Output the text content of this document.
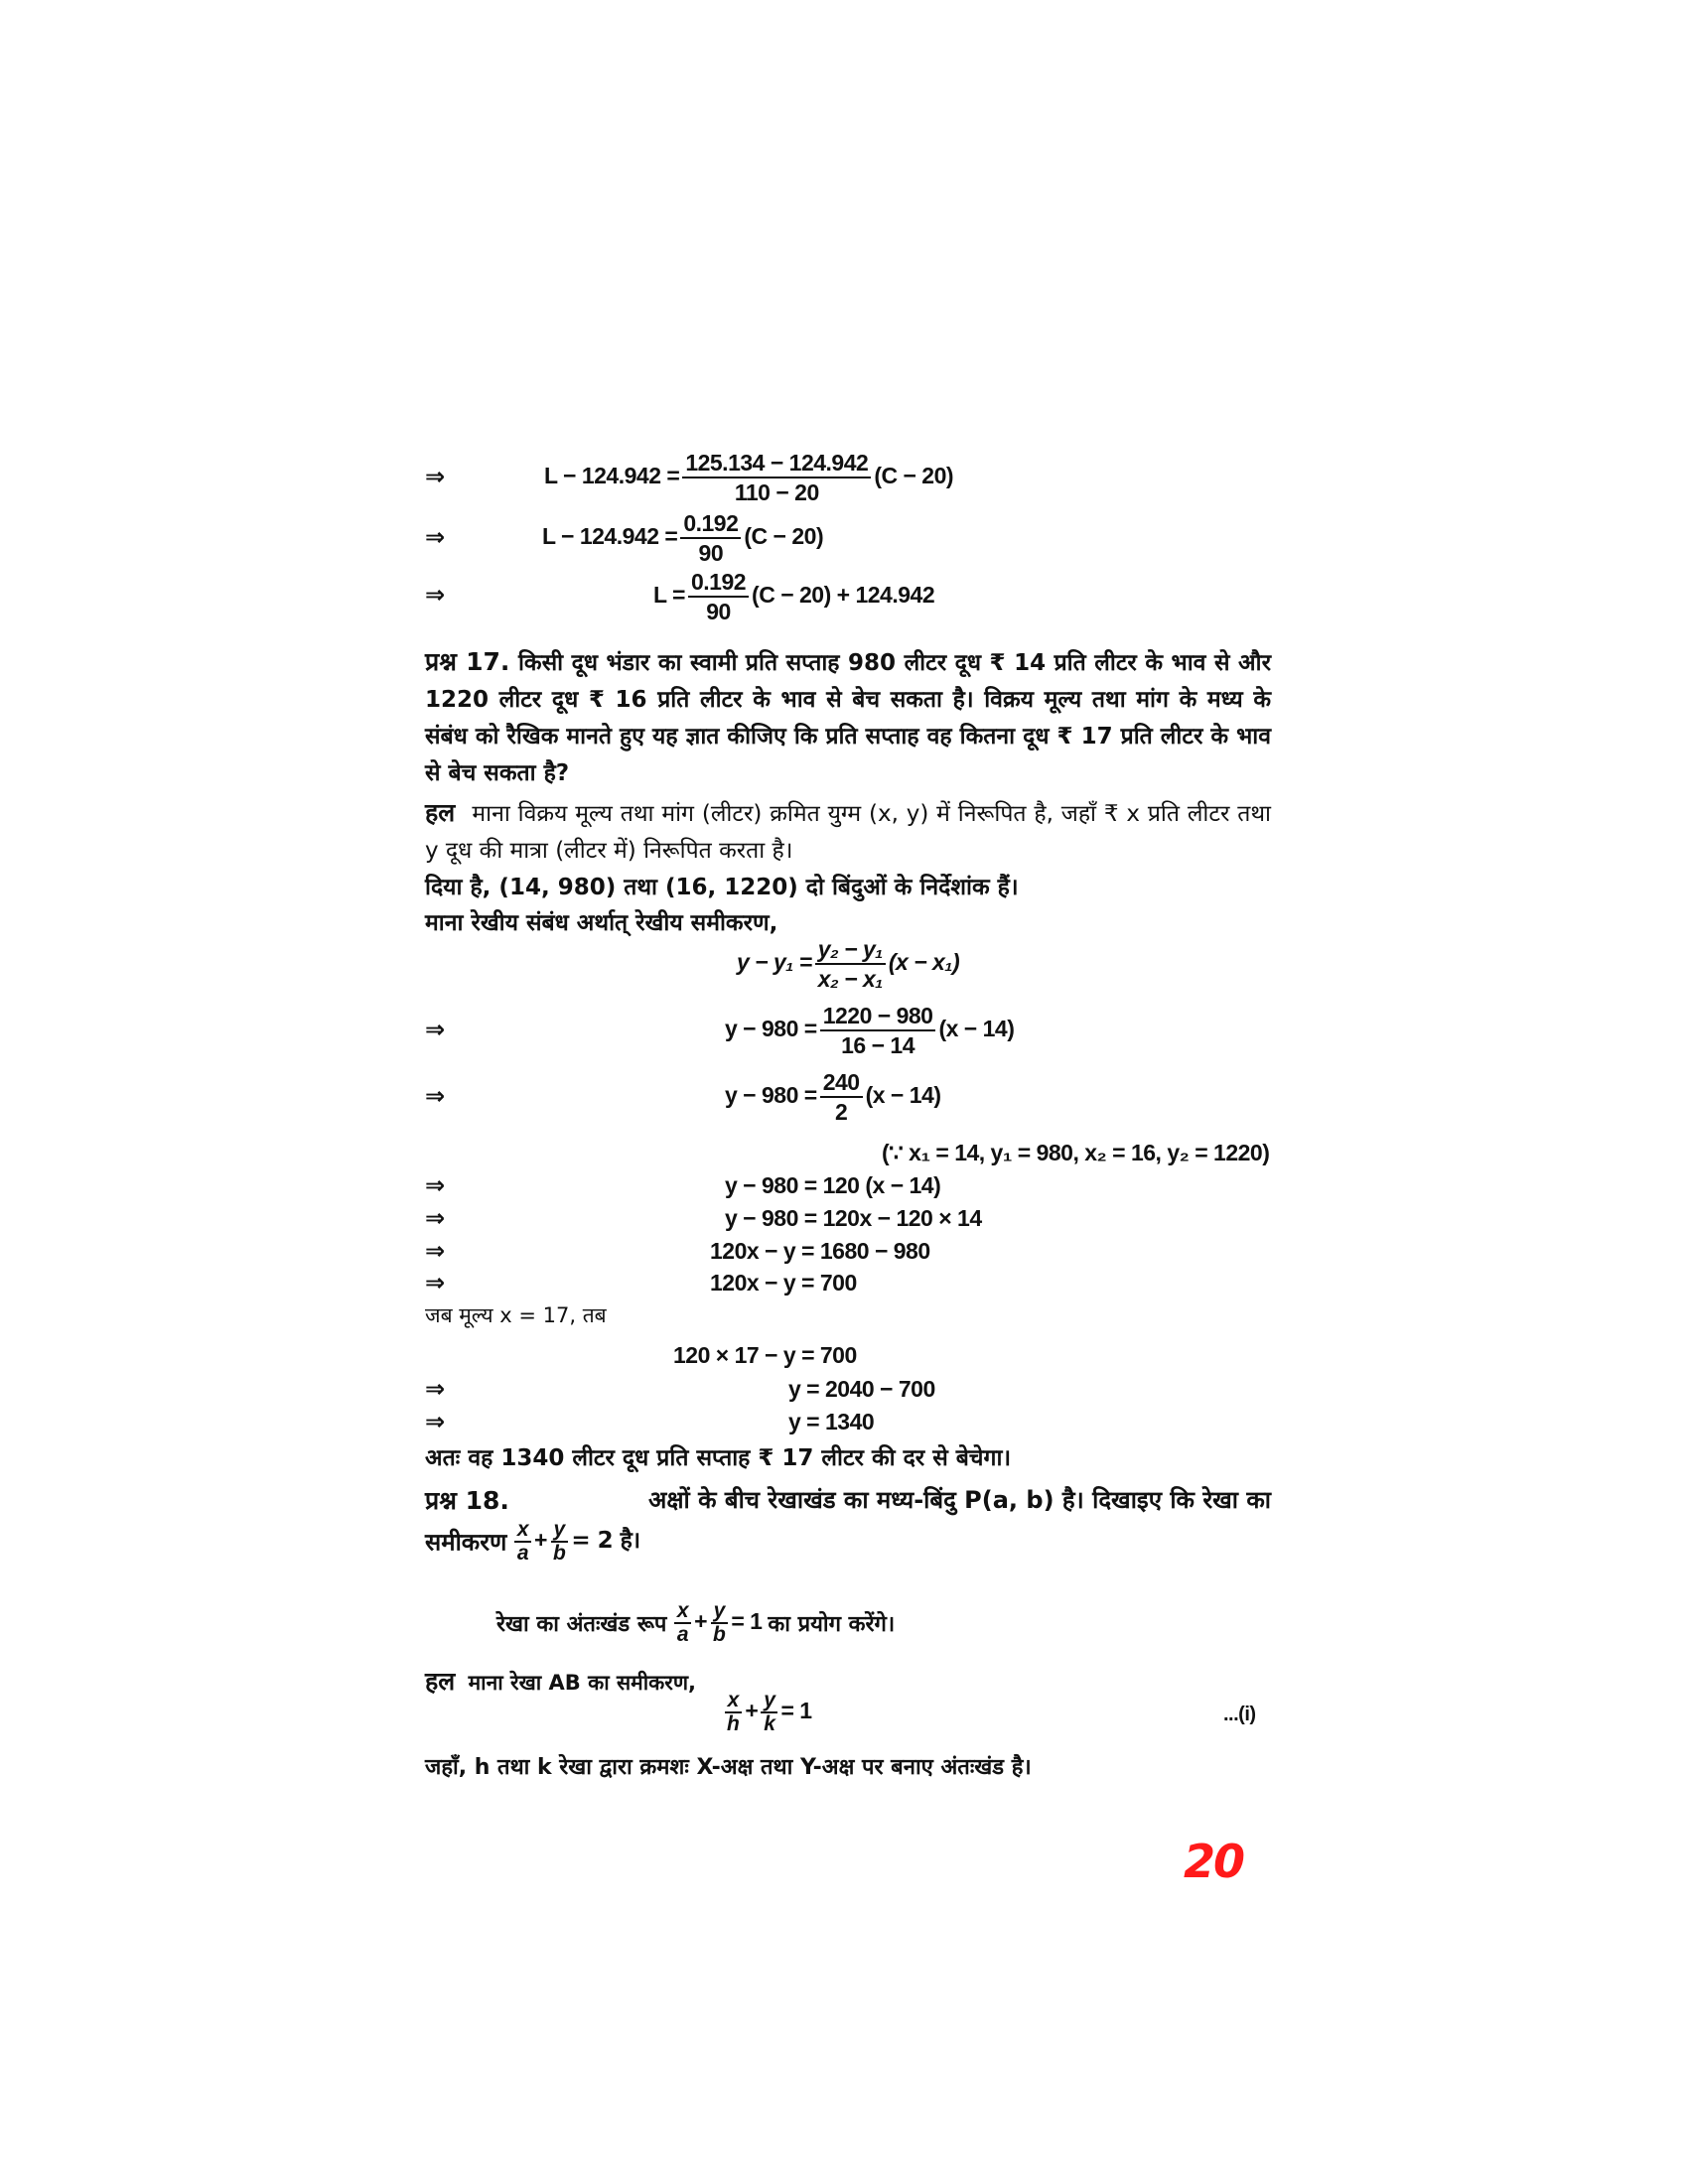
⇒	$L - 124.942 = \frac{125.134 - 124.942}{110 - 20} (C - 20)$
⇒	$L - 124.942 = \frac{0.192}{90} (C - 20)$
⇒	$L = \frac{0.192}{90} (C - 20) + 124.942$
प्रश्न 17. किसी दूध भंडार का स्वामी प्रति सप्ताह 980 लीटर दूध ₹ 14 प्रति लीटर के भाव से और 1220 लीटर दूध ₹ 16 प्रति लीटर के भाव से बेच सकता है। विक्रय मूल्य तथा मांग के मध्य के संबंध को रैखिक मानते हुए यह ज्ञात कीजिए कि प्रति सप्ताह वह कितना दूध ₹ 17 प्रति लीटर के भाव से बेच सकता है?
हल माना विक्रय मूल्य तथा मांग (लीटर) क्रमित युग्म (x, y) में निरूपित है, जहाँ ₹ x प्रति लीटर तथा y दूध की मात्रा (लीटर में) निरूपित करता है।
दिया है, (14, 980) तथा (16, 1220) दो बिंदुओं के निर्देशांक हैं।
माना रेखीय संबंध अर्थात् रेखीय समीकरण,
$y - y_1 = \frac{\text{y₂ − y₁}}{\text{x₂ − x₁}} (x - x_1)$
⇒	$y - 980 = \frac{1220 - 980}{16 - 14} (x - 14)$
⇒	$y - 980 = \frac{240}{2} (x - 14)$
(∵ x₁ = 14, y₁ = 980, x₂ = 16, y₂ = 1220)
⇒	y − 980 = 120 (x − 14)
⇒	y − 980 = 120x − 120 × 14
⇒	120x − y = 1680 − 980
⇒	120x − y = 700
जब मूल्य x = 17, तब
120 × 17 − y = 700
⇒	y = 2040 − 700
⇒	y = 1340
अतः वह 1340 लीटर दूध प्रति सप्ताह ₹ 17 लीटर की दर से बेचेगा।
प्रश्न 18.	अक्षों के बीच रेखाखंड का मध्य-बिंदु P(a, b) है। दिखाइए कि रेखा का
समीकरण $\frac{x}{a} + \frac{y}{b} = 2$ है।
रेखा का अंतःखंड रूप $\frac{x}{a} + \frac{y}{b} = 1$ का प्रयोग करेंगे।
हल माना रेखा AB का समीकरण,
$\frac{x}{h} + \frac{y}{k} = 1$	...(i)
जहाँ, h तथा k रेखा द्वारा क्रमशः X-अक्ष तथा Y-अक्ष पर बनाए अंतःखंड है।
20
